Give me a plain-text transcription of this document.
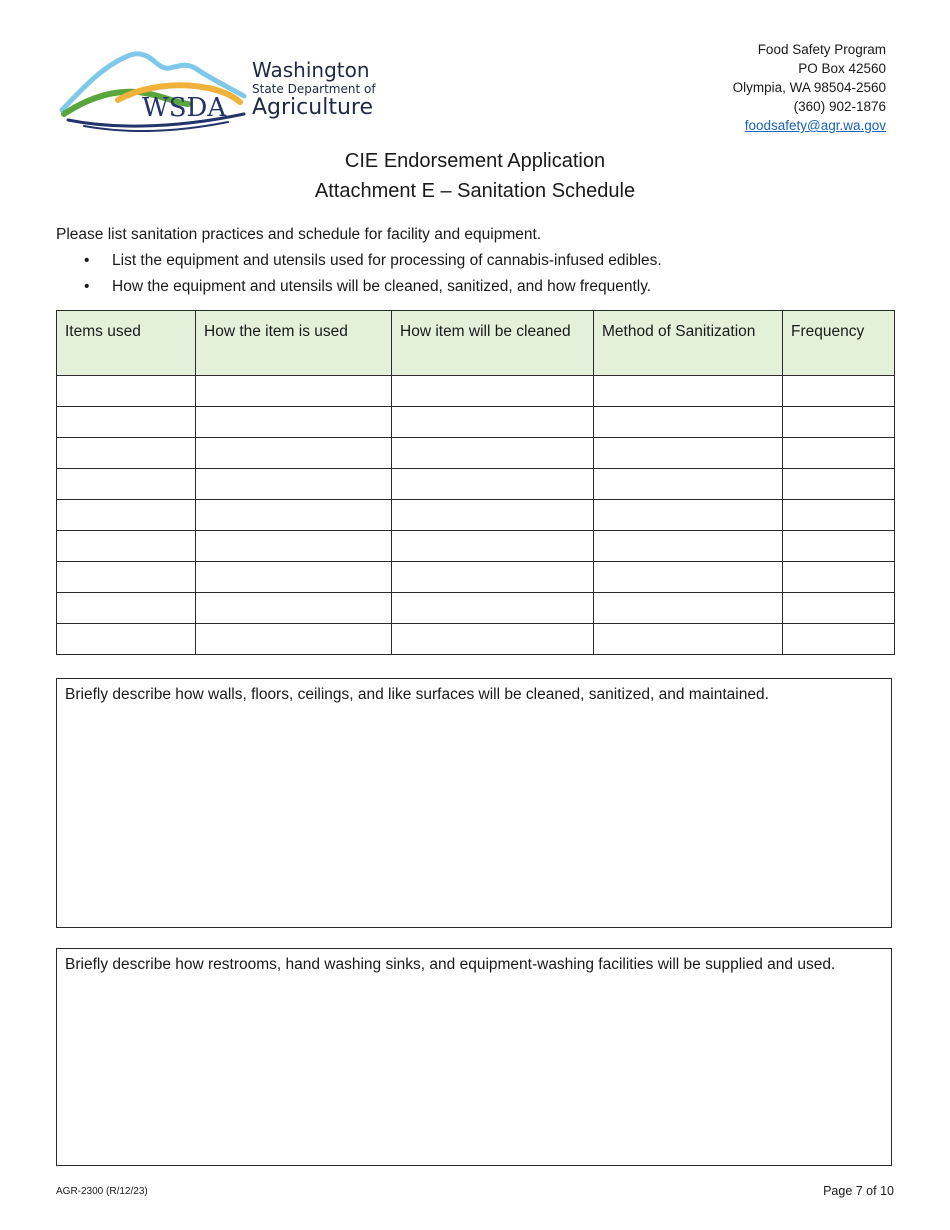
WSDA
Washington
State Department of
Agriculture
Food Safety Program
PO Box 42560
Olympia, WA 98504-2560
(360) 902-1876
foodsafety@agr.wa.gov
CIE Endorsement Application
Attachment E – Sanitation Schedule
Please list sanitation practices and schedule for facility and equipment.
• List the equipment and utensils used for processing of cannabis-infused edibles.
• How the equipment and utensils will be cleaned, sanitized, and how frequently.
Items used	How the item is used	How item will be cleaned	Method of Sanitization	Frequency

Briefly describe how walls, floors, ceilings, and like surfaces will be cleaned, sanitized, and maintained.
Briefly describe how restrooms, hand washing sinks, and equipment-washing facilities will be supplied and used.
AGR-2300 (R/12/23)	Page 7 of 10
